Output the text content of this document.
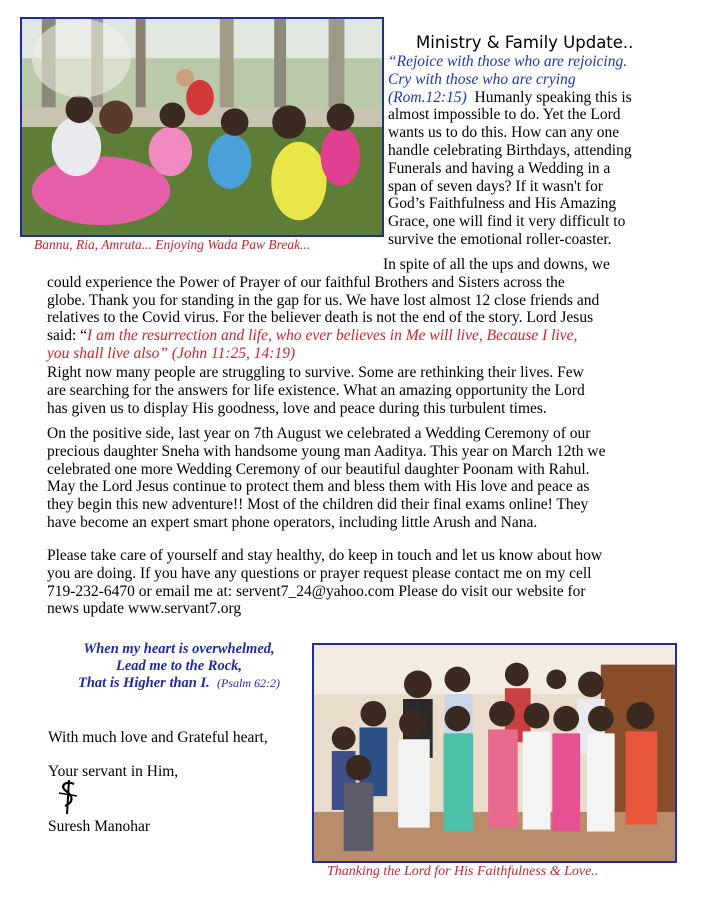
Bannu, Ria, Amruta... Enjoying Wada Paw Break...
Ministry & Family Update..
“Rejoice with those who are rejoicing.
Cry with those who are crying
(Rom.12:15) Humanly speaking this is
almost impossible to do. Yet the Lord
wants us to do this. How can any one
handle celebrating Birthdays, attending
Funerals and having a Wedding in a
span of seven days? If it wasn't for
God’s Faithfulness and His Amazing
Grace, one will find it very difficult to
survive the emotional roller-coaster.
In spite of all the ups and downs, we
could experience the Power of Prayer of our faithful Brothers and Sisters across the
globe. Thank you for standing in the gap for us. We have lost almost 12 close friends and
relatives to the Covid virus. For the believer death is not the end of the story. Lord Jesus
said: “I am the resurrection and life, who ever believes in Me will live, Because I live,
you shall live also” (John 11:25, 14:19)
Right now many people are struggling to survive. Some are rethinking their lives. Few
are searching for the answers for life existence. What an amazing opportunity the Lord
has given us to display His goodness, love and peace during this turbulent times.
On the positive side, last year on 7th August we celebrated a Wedding Ceremony of our
precious daughter Sneha with handsome young man Aaditya. This year on March 12th we
celebrated one more Wedding Ceremony of our beautiful daughter Poonam with Rahul.
May the Lord Jesus continue to protect them and bless them with His love and peace as
they begin this new adventure!! Most of the children did their final exams online! They
have become an expert smart phone operators, including little Arush and Nana.
Please take care of yourself and stay healthy, do keep in touch and let us know about how
you are doing. If you have any questions or prayer request please contact me on my cell
719-232-6470 or email me at: servent7_24@yahoo.com Please do visit our website for
news update www.servant7.org
When my heart is overwhelmed,
Lead me to the Rock,
That is Higher than I. (Psalm 62:2)
With much love and Grateful heart,
Your servant in Him,
Suresh Manohar
Thanking the Lord for His Faithfulness & Love..
